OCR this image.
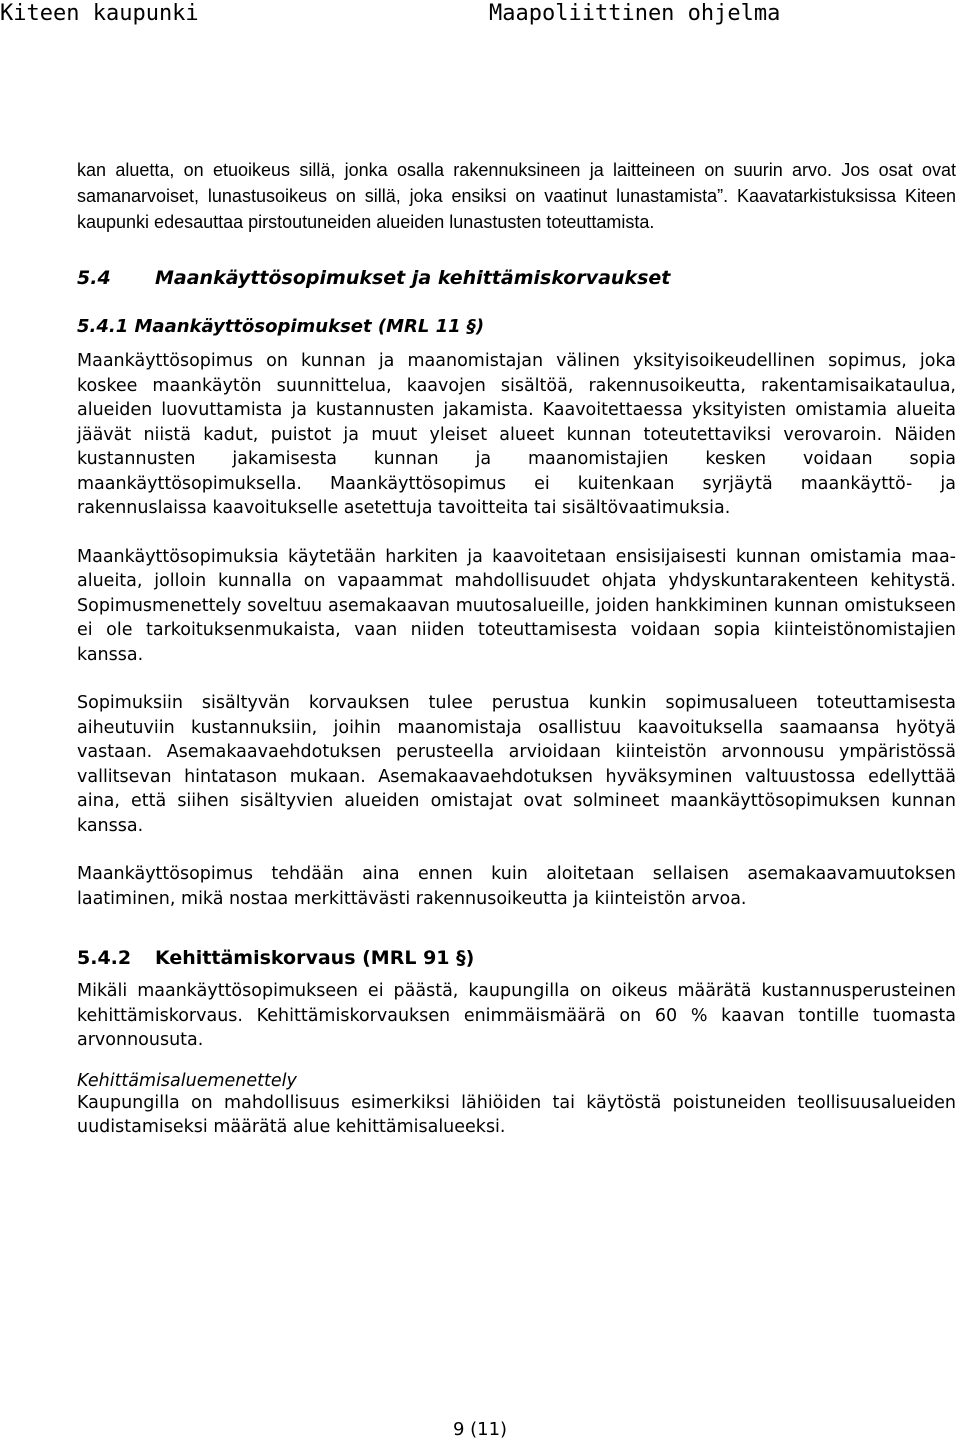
Kiteen kaupunki	Maapoliittinen ohjelma

kan aluetta, on etuoikeus sillä, jonka osalla rakennuksineen ja laitteineen on suurin arvo. Jos osat ovat samanarvoiset, lunastusoikeus on sillä, joka ensiksi on vaatinut lunastamista”. Kaavatarkistuksissa Kiteen kaupunki edesauttaa pirstoutuneiden alueiden lunastusten toteuttamista.

5.4 Maankäyttösopimukset ja kehittämiskorvaukset
5.4.1 Maankäyttösopimukset (MRL 11 §)

Maankäyttösopimus on kunnan ja maanomistajan välinen yksityisoikeudellinen sopimus, joka koskee maankäytön suunnittelua, kaavojen sisältöä, rakennusoikeutta, rakentamisaikataulua, alueiden luovuttamista ja kustannusten jakamista. Kaavoitettaessa yksityisten omistamia alueita jäävät niistä kadut, puistot ja muut yleiset alueet kunnan toteutettaviksi verovaroin. Näiden kustannusten jakamisesta kunnan ja maanomistajien kesken voidaan sopia maankäyttösopimuksella. Maankäyttösopimus ei kuitenkaan syrjäytä maankäyttö- ja rakennuslaissa kaavoitukselle asetettuja tavoitteita tai sisältövaatimuksia.

Maankäyttösopimuksia käytetään harkiten ja kaavoitetaan ensisijaisesti kunnan omistamia maa-alueita, jolloin kunnalla on vapaammat mahdollisuudet ohjata yhdyskuntarakenteen kehitystä. Sopimusmenettely soveltuu asemakaavan muutosalueille, joiden hankkiminen kunnan omistukseen ei ole tarkoituksenmukaista, vaan niiden toteuttamisesta voidaan sopia kiinteistönomistajien kanssa.

Sopimuksiin sisältyvän korvauksen tulee perustua kunkin sopimusalueen toteuttamisesta aiheutuviin kustannuksiin, joihin maanomistaja osallistuu kaavoituksella saamaansa hyötyä vastaan. Asemakaavaehdotuksen perusteella arvioidaan kiinteistön arvonnousu ympäristössä vallitsevan hintatason mukaan. Asemakaavaehdotuksen hyväksyminen valtuustossa edellyttää aina, että siihen sisältyvien alueiden omistajat ovat solmineet maankäyttösopimuksen kunnan kanssa.

Maankäyttösopimus tehdään aina ennen kuin aloitetaan sellaisen asemakaavamuutoksen laatiminen, mikä nostaa merkittävästi rakennusoikeutta ja kiinteistön arvoa.

5.4.2 Kehittämiskorvaus (MRL 91 §)

Mikäli maankäyttösopimukseen ei päästä, kaupungilla on oikeus määrätä kustannusperusteinen kehittämiskorvaus. Kehittämiskorvauksen enimmäismäärä on 60 % kaavan tontille tuomasta arvonnousuta.

Kehittämisaluemenettely

Kaupungilla on mahdollisuus esimerkiksi lähiöiden tai käytöstä poistuneiden teollisuusalueiden uudistamiseksi määrätä alue kehittämisalueeksi.

9 (11)
